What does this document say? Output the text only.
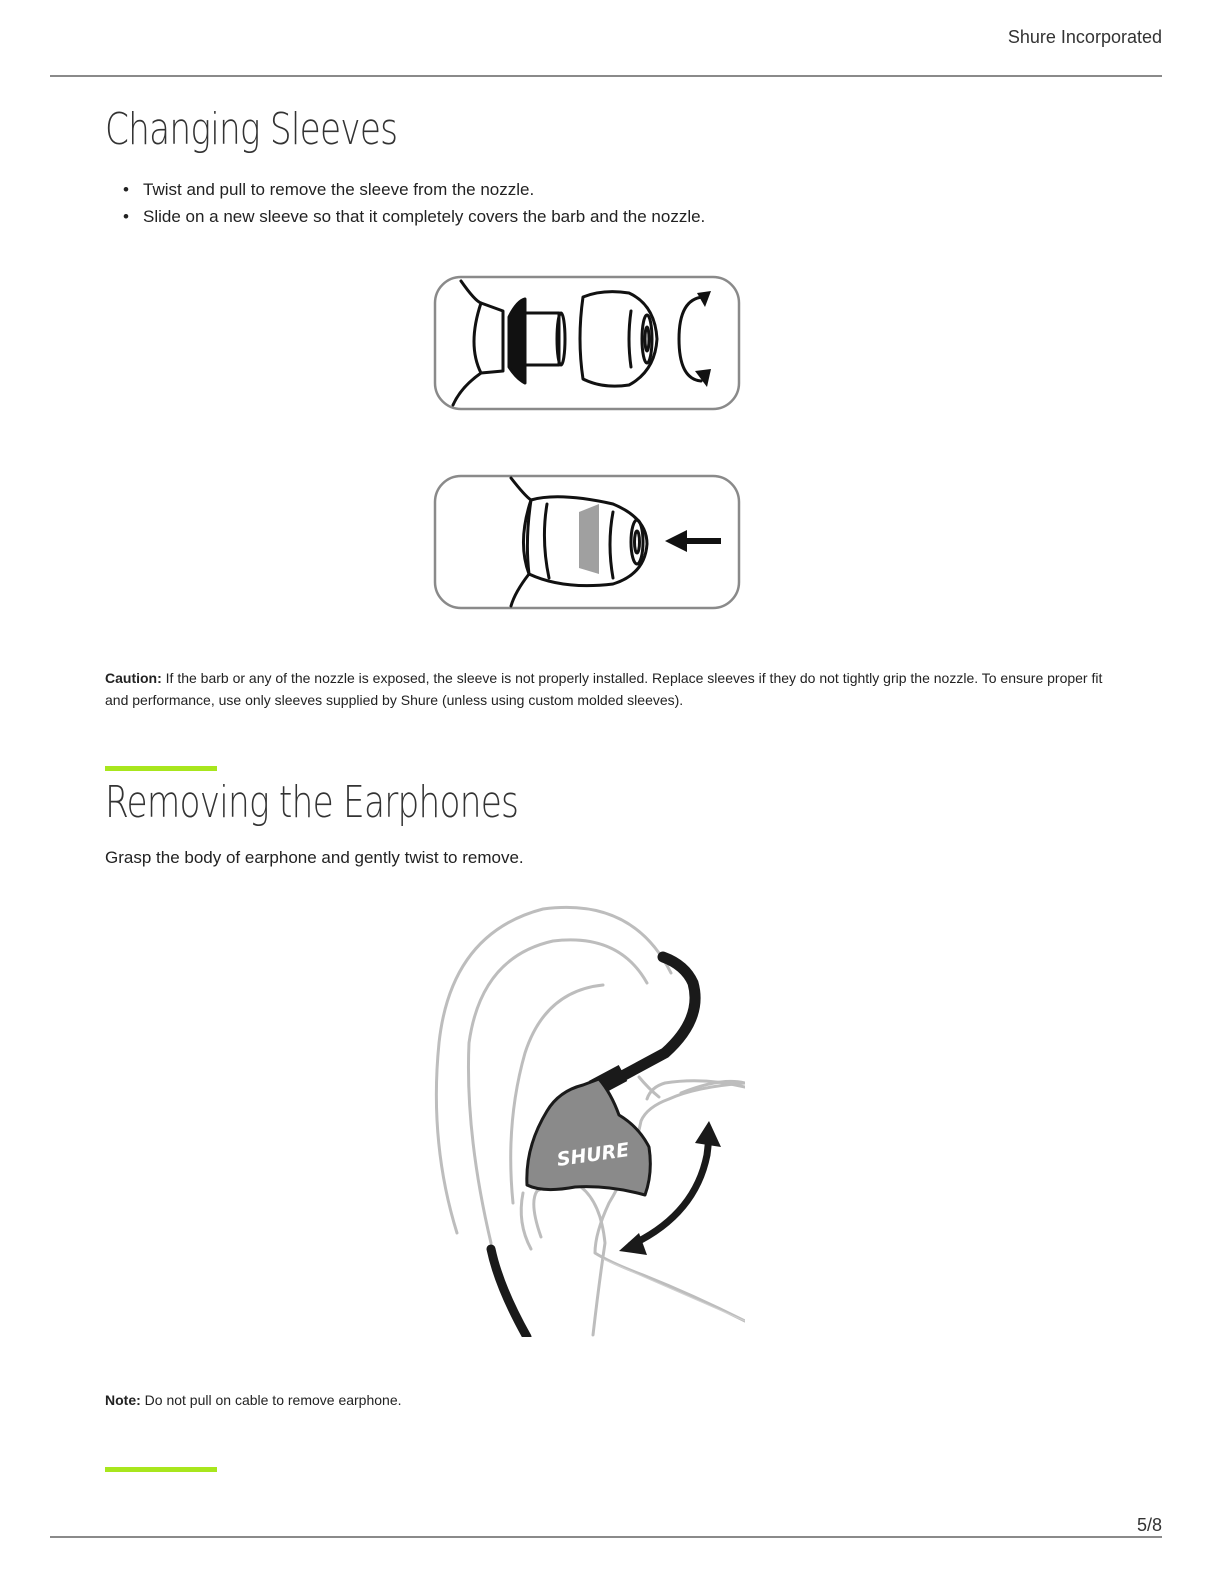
Shure Incorporated
Changing Sleeves
• Twist and pull to remove the sleeve from the nozzle.
• Slide on a new sleeve so that it completely covers the barb and the nozzle.
Caution: If the barb or any of the nozzle is exposed, the sleeve is not properly installed. Replace sleeves if they do not tightly grip the nozzle. To ensure proper fit and performance, use only sleeves supplied by Shure (unless using custom molded sleeves).
Removing the Earphones
Grasp the body of earphone and gently twist to remove.
SHURE
Note: Do not pull on cable to remove earphone.
5/8
